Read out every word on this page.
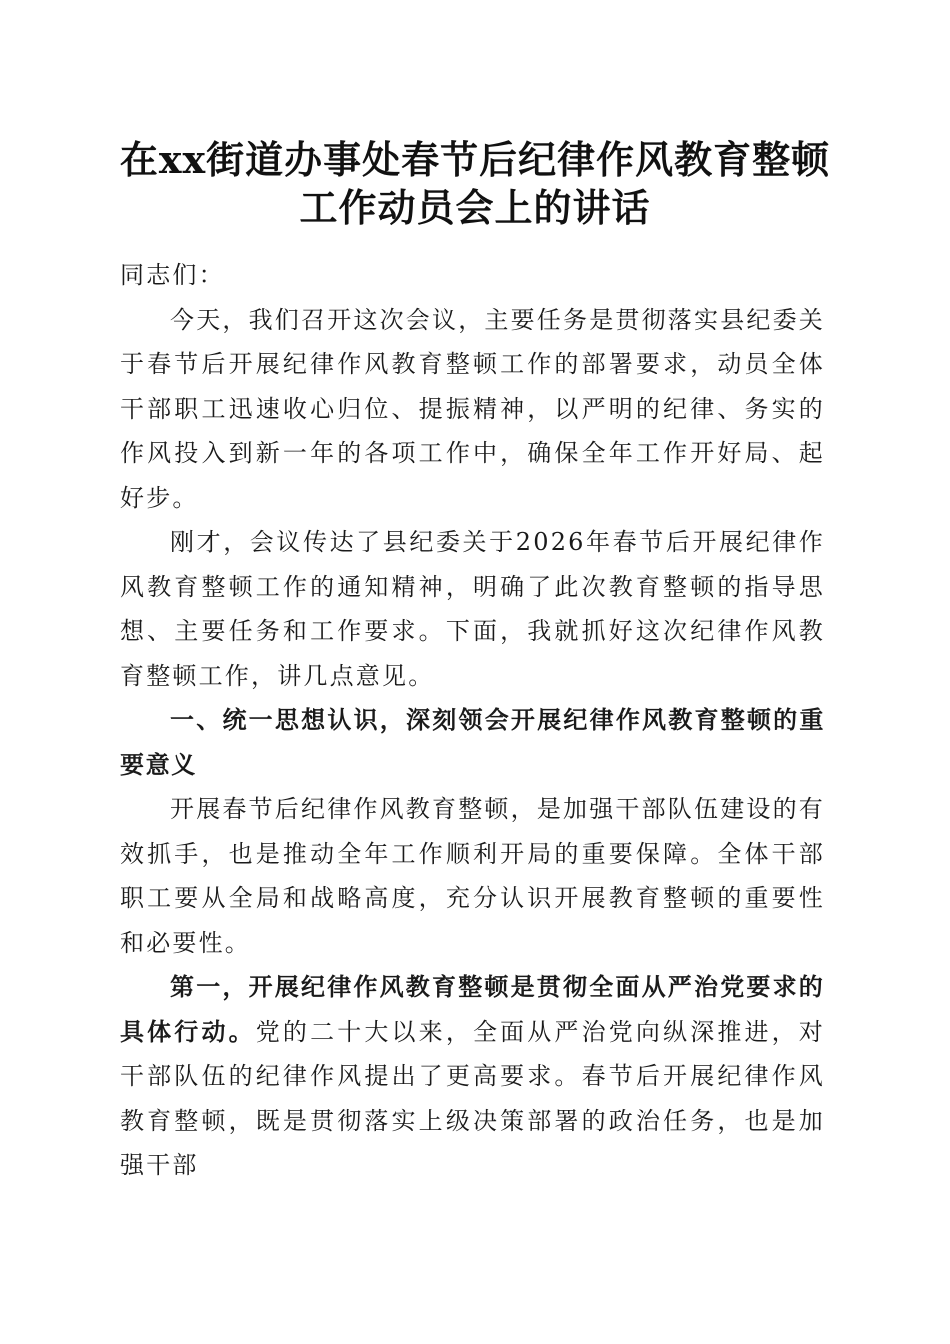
在xx街道办事处春节后纪律作风教育整顿工作动员会上的讲话

同志们：

今天，我们召开这次会议，主要任务是贯彻落实县纪委关于春节后开展纪律作风教育整顿工作的部署要求，动员全体干部职工迅速收心归位、提振精神，以严明的纪律、务实的作风投入到新一年的各项工作中，确保全年工作开好局、起好步。

刚才，会议传达了县纪委关于2026年春节后开展纪律作风教育整顿工作的通知精神，明确了此次教育整顿的指导思想、主要任务和工作要求。下面，我就抓好这次纪律作风教育整顿工作，讲几点意见。

一、统一思想认识，深刻领会开展纪律作风教育整顿的重要意义

开展春节后纪律作风教育整顿，是加强干部队伍建设的有效抓手，也是推动全年工作顺利开局的重要保障。全体干部职工要从全局和战略高度，充分认识开展教育整顿的重要性和必要性。

第一，开展纪律作风教育整顿是贯彻全面从严治党要求的具体行动。党的二十大以来，全面从严治党向纵深推进，对干部队伍的纪律作风提出了更高要求。春节后开展纪律作风教育整顿，既是贯彻落实上级决策部署的政治任务，也是加强干部
